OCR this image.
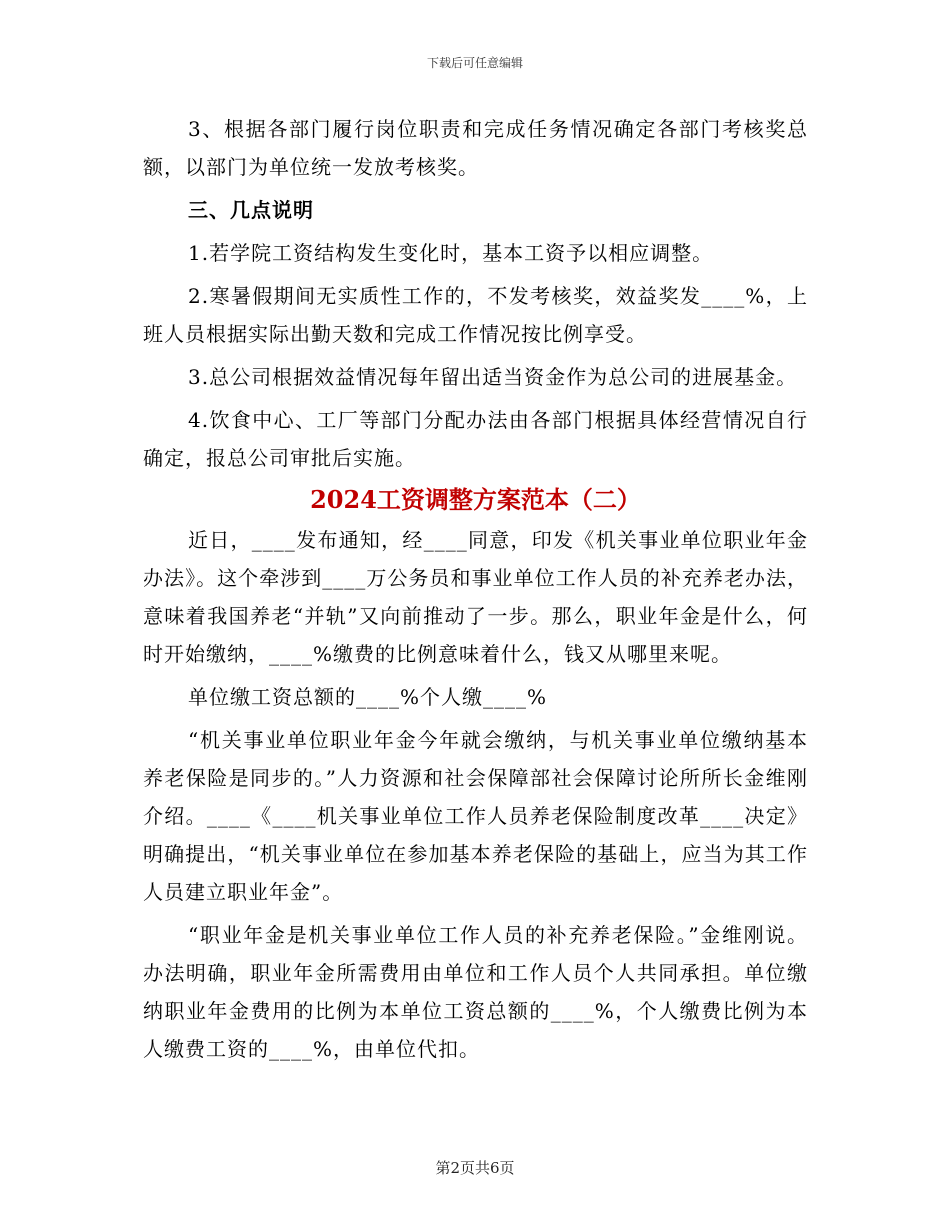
下载后可任意编辑

3、根据各部门履行岗位职责和完成任务情况确定各部门考核奖总额，以部门为单位统一发放考核奖。

三、几点说明

1.若学院工资结构发生变化时，基本工资予以相应调整。

2.寒暑假期间无实质性工作的，不发考核奖，效益奖发____%，上班人员根据实际出勤天数和完成工作情况按比例享受。

3.总公司根据效益情况每年留出适当资金作为总公司的进展基金。

4.饮食中心、工厂等部门分配办法由各部门根据具体经营情况自行确定，报总公司审批后实施。

2024工资调整方案范本（二）

近日，____发布通知，经____同意，印发《机关事业单位职业年金办法》。这个牵涉到____万公务员和事业单位工作人员的补充养老办法，意味着我国养老“并轨”又向前推动了一步。那么，职业年金是什么，何时开始缴纳，____%缴费的比例意味着什么，钱又从哪里来呢。

单位缴工资总额的____%个人缴____%

“机关事业单位职业年金今年就会缴纳，与机关事业单位缴纳基本养老保险是同步的。”人力资源和社会保障部社会保障讨论所所长金维刚介绍。____《____机关事业单位工作人员养老保险制度改革____决定》明确提出，“机关事业单位在参加基本养老保险的基础上，应当为其工作人员建立职业年金”。

“职业年金是机关事业单位工作人员的补充养老保险。”金维刚说。办法明确，职业年金所需费用由单位和工作人员个人共同承担。单位缴纳职业年金费用的比例为本单位工资总额的____%，个人缴费比例为本人缴费工资的____%，由单位代扣。

第2页共6页
